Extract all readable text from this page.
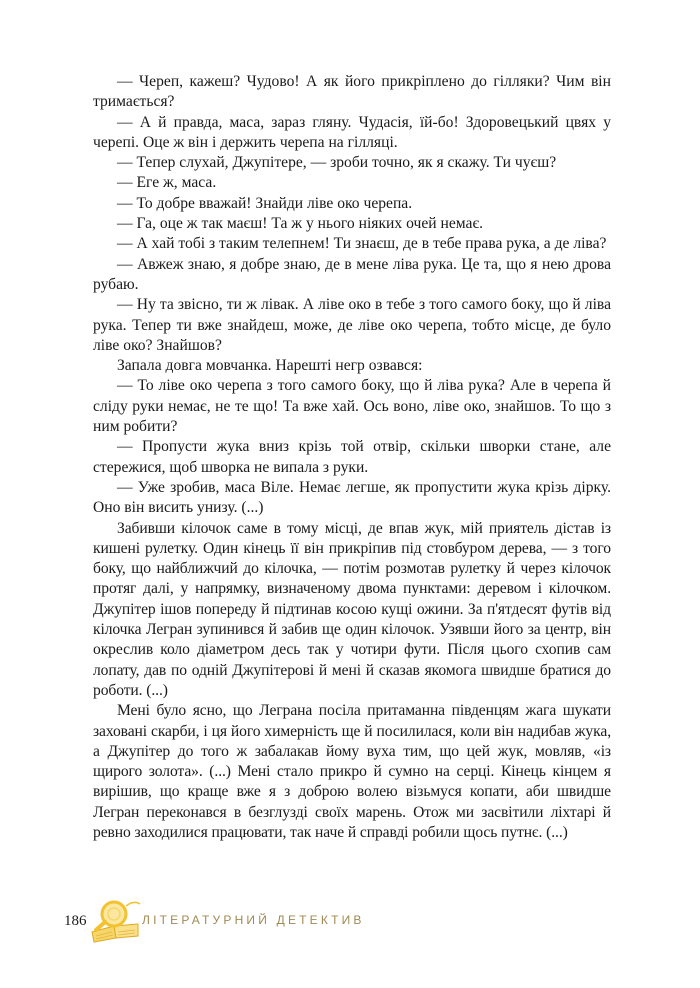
— Череп, кажеш? Чудово! А як його прикріплено до гілляки? Чим він тримається?

— А й правда, маса, зараз гляну. Чудасія, їй-бо! Здоровецький цвях у черепі. Оце ж він і держить черепа на гілляці.

— Тепер слухай, Джупітере, — зроби точно, як я скажу. Ти чуєш?

— Еге ж, маса.

— То добре вважай! Знайди ліве око черепа.

— Га, оце ж так маєш! Та ж у нього ніяких очей немає.

— А хай тобі з таким телепнем! Ти знаєш, де в тебе права рука, а де ліва?

— Авжеж знаю, я добре знаю, де в мене ліва рука. Це та, що я нею дрова рубаю.

— Ну та звісно, ти ж лівак. А ліве око в тебе з того самого боку, що й ліва рука. Тепер ти вже знайдеш, може, де ліве око черепа, тобто місце, де було ліве око? Знайшов?

Запала довга мовчанка. Нарешті негр озвався:

— То ліве око черепа з того самого боку, що й ліва рука? Але в черепа й сліду руки немає, не те що! Та вже хай. Ось воно, ліве око, знайшов. То що з ним робити?

— Пропусти жука вниз крізь той отвір, скільки шворки стане, але стережися, щоб шворка не випала з руки.

— Уже зробив, маса Віле. Немає легше, як пропустити жука крізь дірку. Оно він висить унизу. (...)

Забивши кілочок саме в тому місці, де впав жук, мій приятель дістав із кишені рулетку. Один кінець її він прикріпив під стовбуром дерева, — з того боку, що найближчий до кілочка, — потім розмотав рулетку й через кілочок протяг далі, у напрямку, визначеному двома пунктами: деревом і кілочком. Джупітер ішов попереду й підтинав косою кущі ожини. За п'ятдесят футів від кілочка Легран зупинився й забив ще один кілочок. Узявши його за центр, він окреслив коло діаметром десь так у чотири фути. Після цього схопив сам лопату, дав по одній Джупітерові й мені й сказав якомога швидше братися до роботи. (...)

Мені було ясно, що Леграна посіла притаманна південцям жага шукати заховані скарби, і ця його химерність ще й посилилася, коли він надибав жука, а Джупітер до того ж забалакав йому вуха тим, що цей жук, мовляв, «із щирого золота». (...) Мені стало прикро й сумно на серці. Кінець кінцем я вирішив, що краще вже я з доброю волею візьмуся копати, аби швидше Легран переконався в безглузді своїх марень. Отож ми засвітили ліхтарі й ревно заходилися працювати, так наче й справді робили щось путнє. (...)

186	ЛІТЕРАТУРНИЙ ДЕТЕКТИВ
